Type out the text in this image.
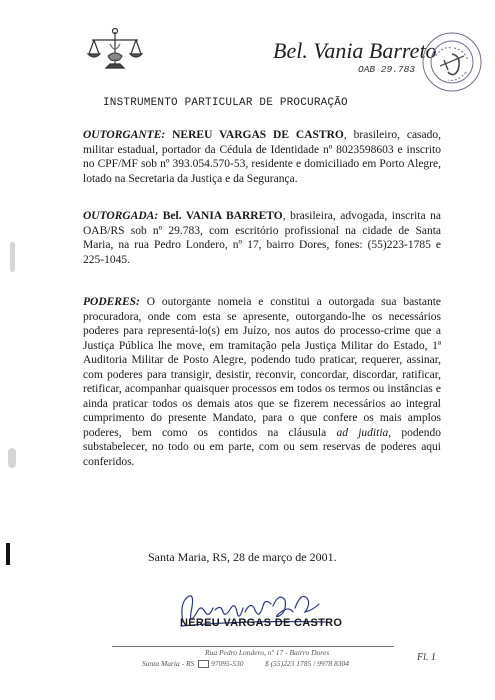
Bel. Vania Barreto
OAB 29.783
INSTRUMENTO PARTICULAR DE PROCURAÇÃO

OUTORGANTE: NEREU VARGAS DE CASTRO, brasileiro, casado, militar estadual, portador da Cédula de Identidade nº 8023598603 e inscrito no CPF/MF sob nº 393.054.570-53, residente e domiciliado em Porto Alegre, lotado na Secretaria da Justiça e da Segurança.

OUTORGADA: Bel. VANIA BARRETO, brasileira, advogada, inscrita na OAB/RS sob nº 29.783, com escritório profissional na cidade de Santa Maria, na rua Pedro Londero, nº 17, bairro Dores, fones: (55)223-1785 e 225-1045.

PODERES: O outorgante nomeia e constitui a outorgada sua bastante procuradora, onde com esta se apresente, outorgando-lhe os necessários poderes para representá-lo(s) em Juízo, nos autos do processo-crime que a Justiça Pública lhe move, em tramitação pela Justiça Militar do Estado, 1ª Auditoria Militar de Posto Alegre, podendo tudo praticar, requerer, assinar, com poderes para transigir, desistir, reconvir, concordar, discordar, ratificar, retificar, acompanhar quaisquer processos em todos os termos ou instâncias e ainda praticar todos os demais atos que se fizerem necessários ao integral cumprimento do presente Mandato, para o que confere os mais amplos poderes, bem como os contidos na cláusula ad juditia, podendo substabelecer, no todo ou em parte, com ou sem reservas de poderes aqui conferidos.

Santa Maria, RS, 28 de março de 2001.
NEREU VARGAS DE CASTRO
Rua Pedro Londero, nº 17 - Bairro Dores
Santa Maria - RS	97095-530	$ (55)223 1785 / 9978 8304
Fl. 1
